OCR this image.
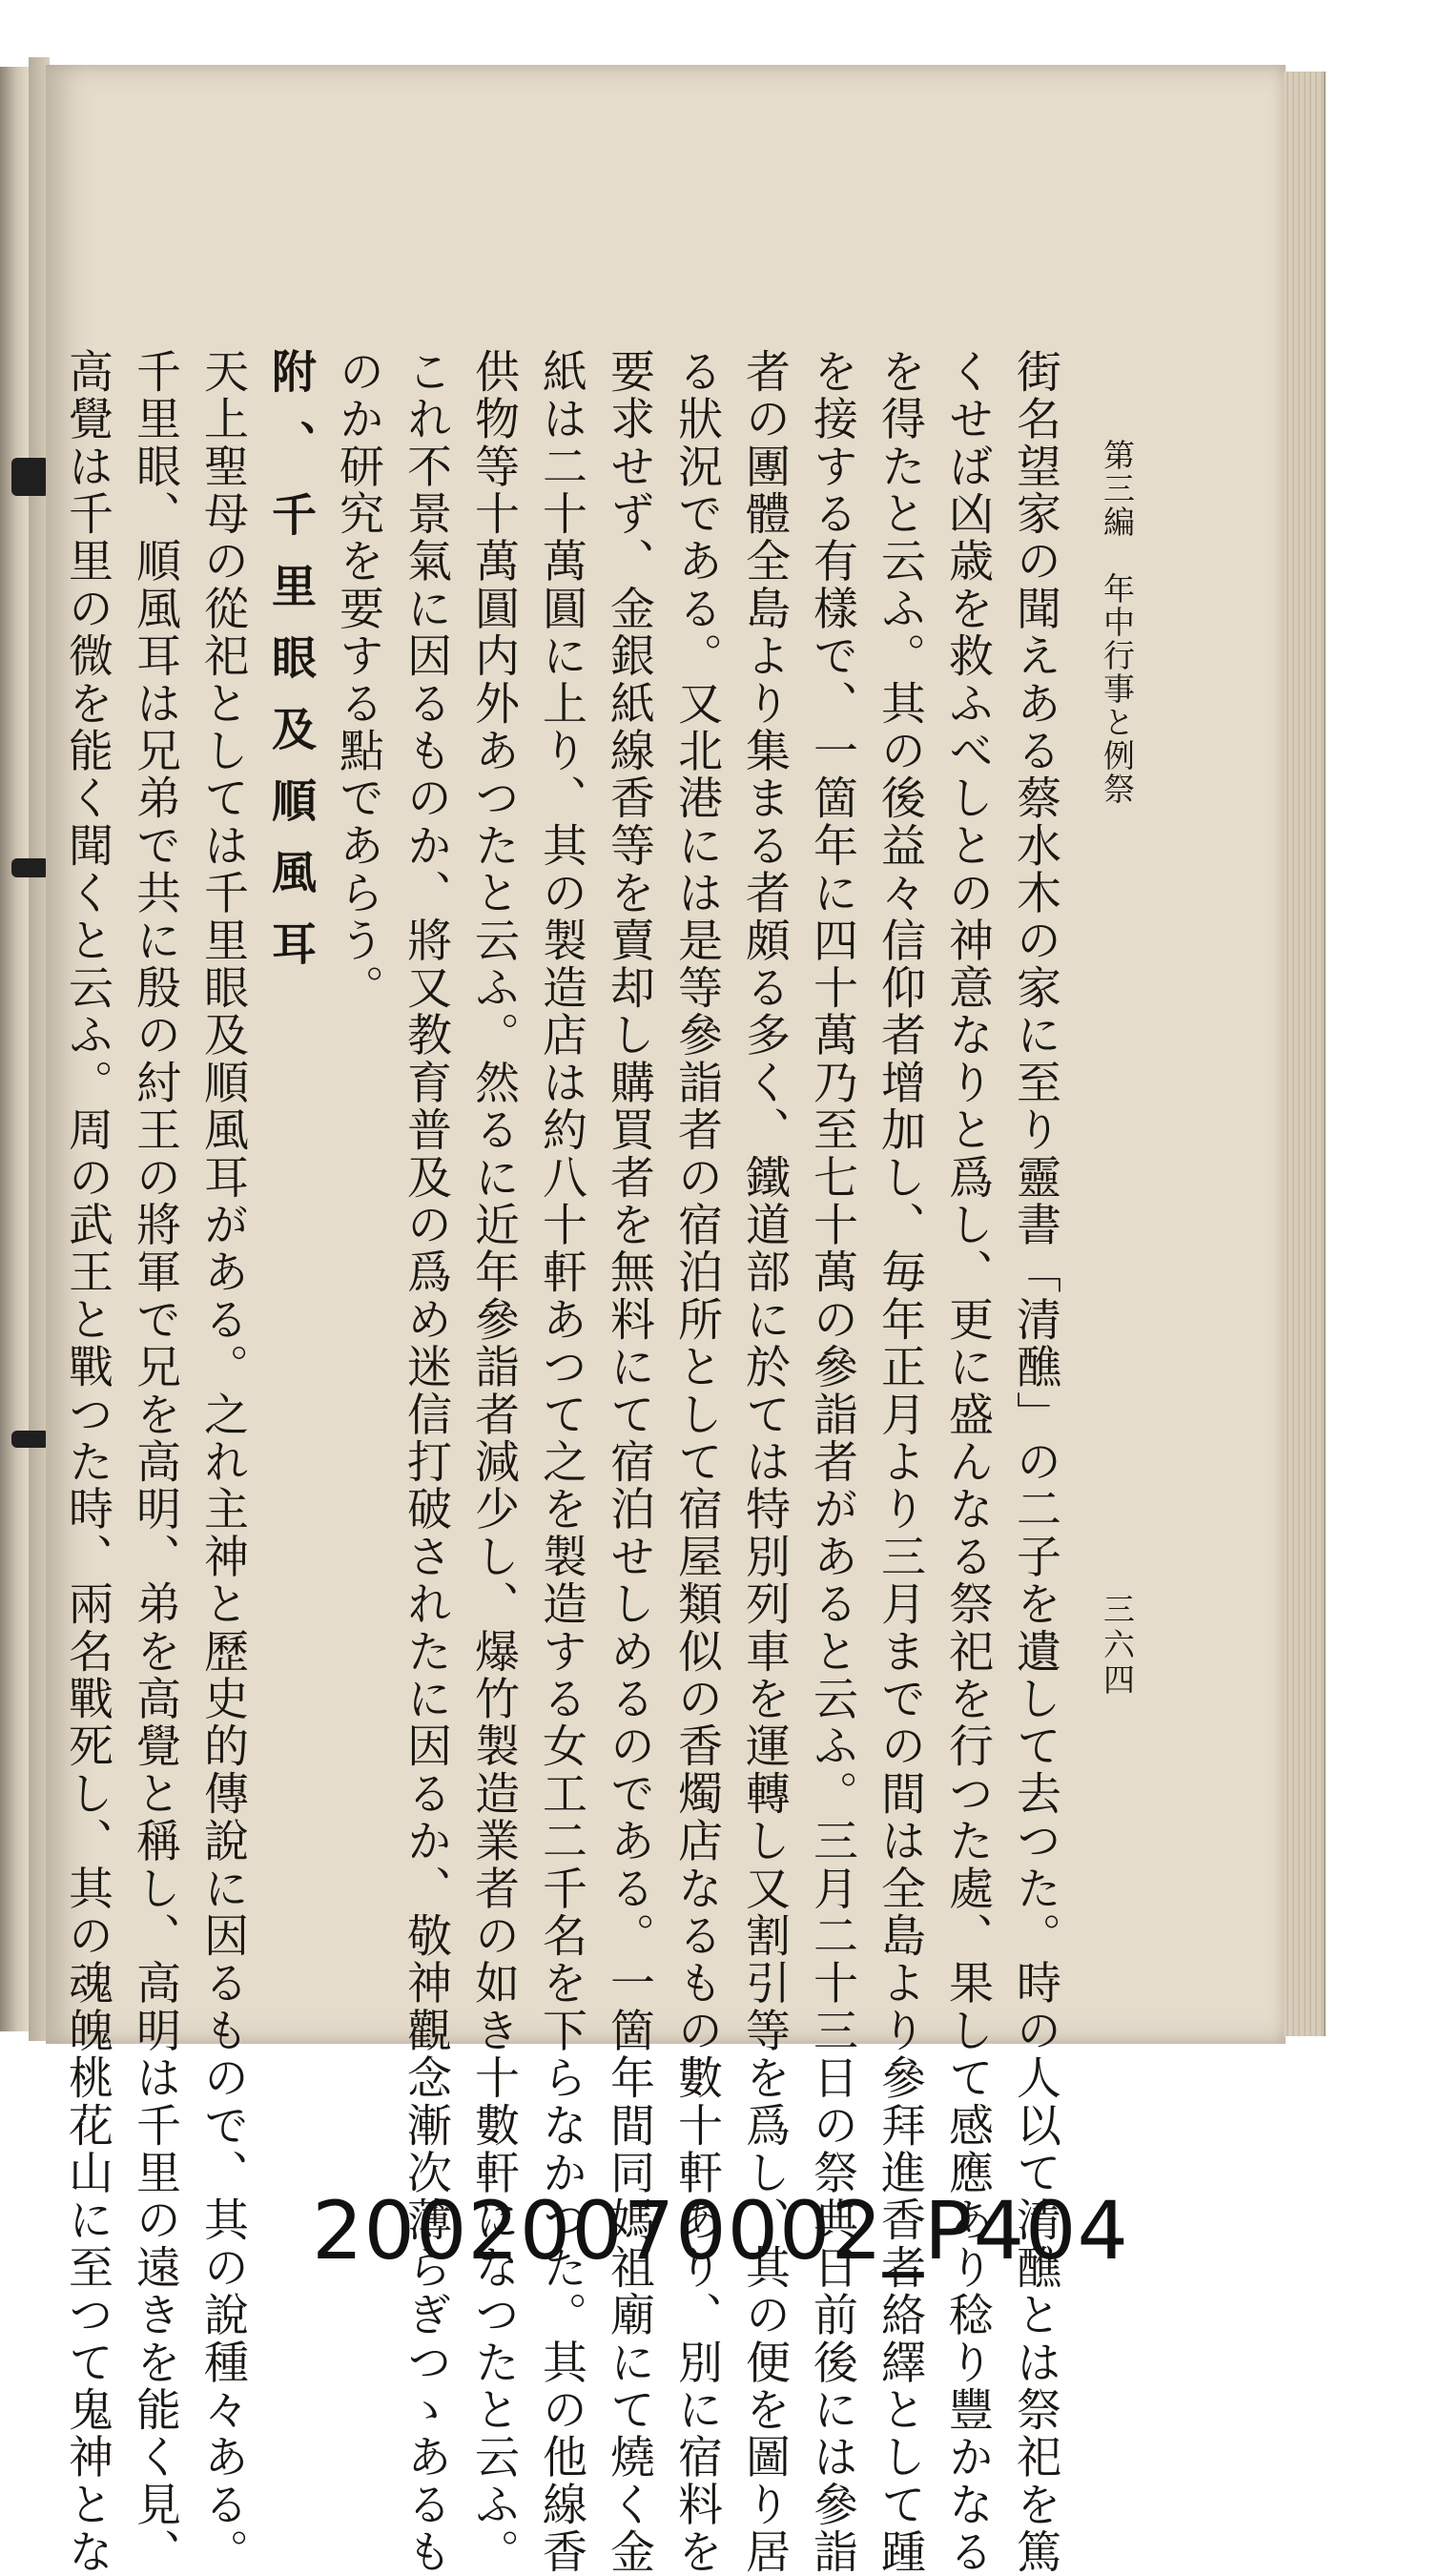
第三編　年中行事と例祭
三六四
街名望家の聞えある蔡水木の家に至り靈書「清醮」の二子を遺して去つた。時の人以て清醮とは祭祀を篤
くせば凶歳を救ふべしとの神意なりと爲し、更に盛んなる祭祀を行つた處、果して感應あり稔り豐かなる
を得たと云ふ。其の後益々信仰者增加し、毎年正月より三月までの間は全島より參拜進香者絡繹として踵
を接する有樣で、一箇年に四十萬乃至七十萬の參詣者があると云ふ。三月二十三日の祭典日前後には參詣
者の團體全島より集まる者頗る多く、鐵道部に於ては特別列車を運轉し又割引等を爲し、其の便を圖り居
る狀況である。又北港には是等參詣者の宿泊所として宿屋類似の香燭店なるもの數十軒あり、別に宿料を
要求せず、金銀紙線香等を賣却し購買者を無料にて宿泊せしめるのである。一箇年間同媽祖廟にて燒く金
紙は二十萬圓に上り、其の製造店は約八十軒あつて之を製造する女工二千名を下らなかつた。其の他線香
供物等十萬圓内外あつたと云ふ。然るに近年參詣者減少し、爆竹製造業者の如き十數軒になつたと云ふ。
これ不景氣に因るものか、將又教育普及の爲め迷信打破されたに因るか、敬神觀念漸次薄らぎつゝあるも
のか研究を要する點であらう。
附、千里眼及順風耳
天上聖母の從祀としては千里眼及順風耳がある。之れ主神と歷史的傳說に因るもので、其の說種々ある。
千里眼、順風耳は兄弟で共に殷の紂王の將軍で兄を高明、弟を高覺と稱し、高明は千里の遠きを能く見、
高覺は千里の微を能く聞くと云ふ。周の武王と戰つた時、兩名戰死し、其の魂魄桃花山に至つて鬼神とな	20020070002_P404
